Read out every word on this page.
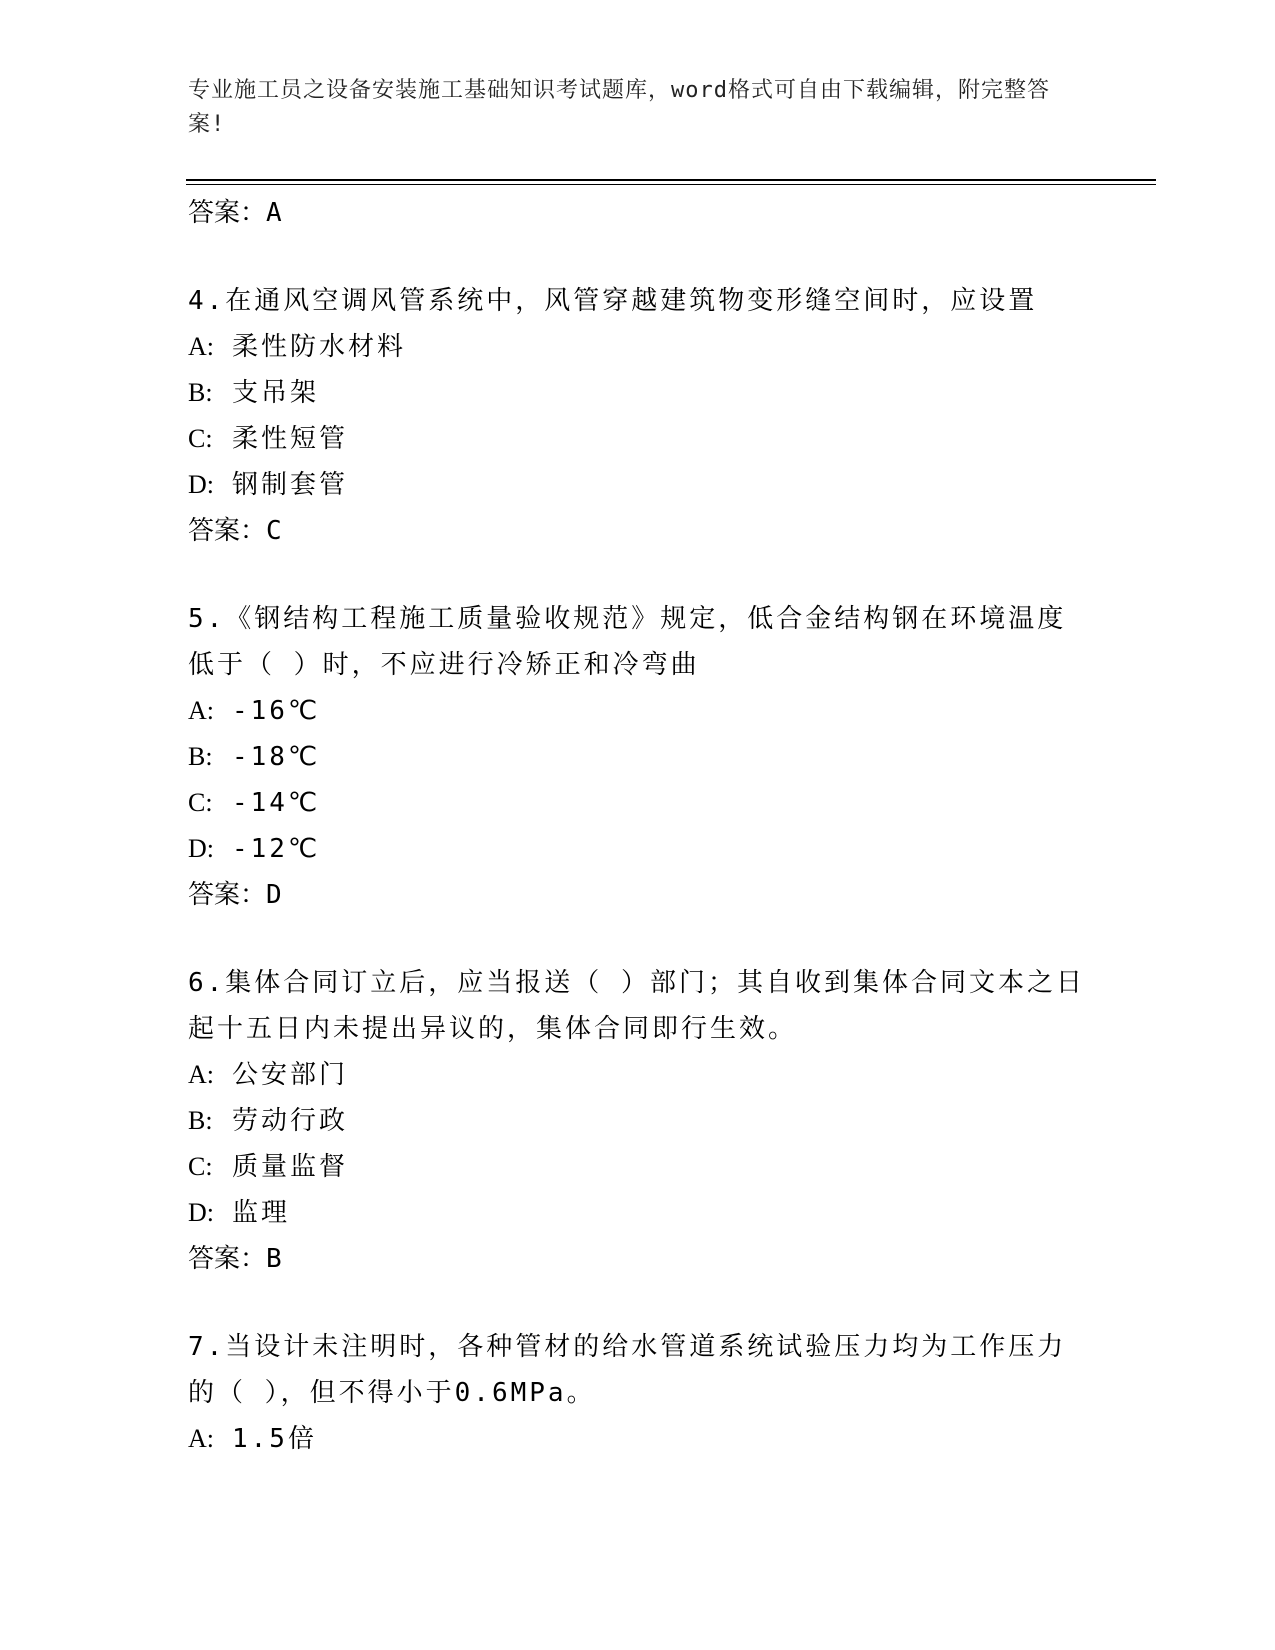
专业施工员之设备安装施工基础知识考试题库，word格式可自由下载编辑，附完整答案!

答案：A

4.在通风空调风管系统中，风管穿越建筑物变形缝空间时，应设置

A: 柔性防水材料

B: 支吊架

C: 柔性短管

D: 钢制套管

答案：C

5.《钢结构工程施工质量验收规范》规定，低合金结构钢在环境温度低于（ ）时，不应进行冷矫正和冷弯曲

A: -16℃

B: -18℃

C: -14℃

D: -12℃

答案：D

6.集体合同订立后，应当报送（ ）部门；其自收到集体合同文本之日起十五日内未提出异议的，集体合同即行生效。

A: 公安部门

B: 劳动行政

C: 质量监督

D: 监理

答案：B

7.当设计未注明时，各种管材的给水管道系统试验压力均为工作压力的（ ），但不得小于0.6MPa。

A: 1.5倍
